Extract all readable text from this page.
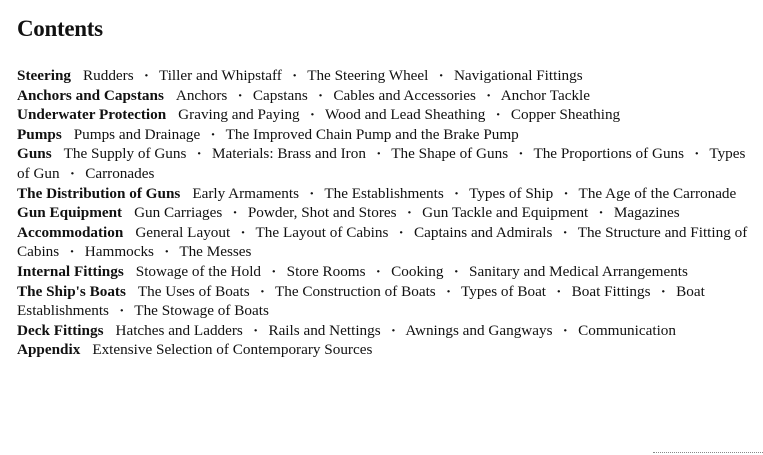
Contents

Steering Rudders · Tiller and Whipstaff · The Steering Wheel · Navigational Fittings

Anchors and Capstans Anchors · Capstans · Cables and Accessories · Anchor Tackle

Underwater Protection Graving and Paying · Wood and Lead Sheathing · Copper Sheathing

Pumps Pumps and Drainage · The Improved Chain Pump and the Brake Pump

Guns The Supply of Guns · Materials: Brass and Iron · The Shape of Guns · The Proportions of Guns · Types of Gun · Carronades

The Distribution of Guns Early Armaments · The Establishments · Types of Ship · The Age of the Carronade

Gun Equipment Gun Carriages · Powder, Shot and Stores · Gun Tackle and Equipment · Magazines

Accommodation General Layout · The Layout of Cabins · Captains and Admirals · The Structure and Fitting of Cabins · Hammocks · The Messes

Internal Fittings Stowage of the Hold · Store Rooms · Cooking · Sanitary and Medical Arrangements

The Ship's Boats The Uses of Boats · The Construction of Boats · Types of Boat · Boat Fittings · Boat Establishments · The Stowage of Boats

Deck Fittings Hatches and Ladders · Rails and Nettings · Awnings and Gangways · Communication

Appendix Extensive Selection of Contemporary Sources
